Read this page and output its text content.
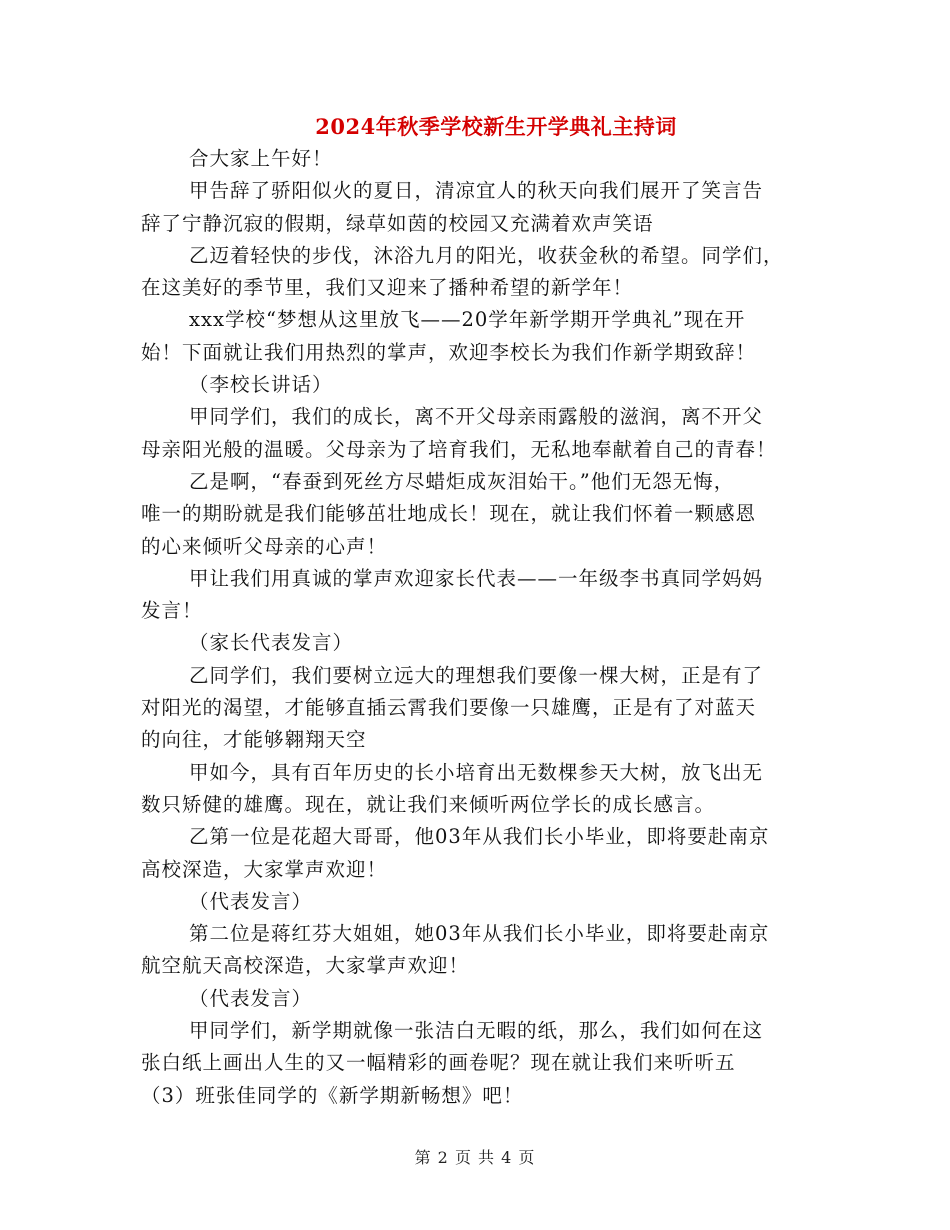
2024年秋季学校新生开学典礼主持词
合大家上午好！
甲告辞了骄阳似火的夏日，清凉宜人的秋天向我们展开了笑言告
辞了宁静沉寂的假期，绿草如茵的校园又充满着欢声笑语
乙迈着轻快的步伐，沐浴九月的阳光，收获金秋的希望。同学们，
在这美好的季节里，我们又迎来了播种希望的新学年！
xxx学校“梦想从这里放飞——20学年新学期开学典礼”现在开
始！下面就让我们用热烈的掌声，欢迎李校长为我们作新学期致辞！
（李校长讲话）
甲同学们，我们的成长，离不开父母亲雨露般的滋润，离不开父
母亲阳光般的温暖。父母亲为了培育我们，无私地奉献着自己的青春！
乙是啊，“春蚕到死丝方尽蜡炬成灰泪始干。”他们无怨无悔，
唯一的期盼就是我们能够茁壮地成长！现在，就让我们怀着一颗感恩
的心来倾听父母亲的心声！
甲让我们用真诚的掌声欢迎家长代表——一年级李书真同学妈妈
发言！
（家长代表发言）
乙同学们，我们要树立远大的理想我们要像一棵大树，正是有了
对阳光的渴望，才能够直插云霄我们要像一只雄鹰，正是有了对蓝天
的向往，才能够翱翔天空
甲如今，具有百年历史的长小培育出无数棵参天大树，放飞出无
数只矫健的雄鹰。现在，就让我们来倾听两位学长的成长感言。
乙第一位是花超大哥哥，他03年从我们长小毕业，即将要赴南京
高校深造，大家掌声欢迎！
（代表发言）
第二位是蒋红芬大姐姐，她03年从我们长小毕业，即将要赴南京
航空航天高校深造，大家掌声欢迎！
（代表发言）
甲同学们，新学期就像一张洁白无暇的纸，那么，我们如何在这
张白纸上画出人生的又一幅精彩的画卷呢？现在就让我们来听听五
（3）班张佳同学的《新学期新畅想》吧！
第 2 页 共 4 页
